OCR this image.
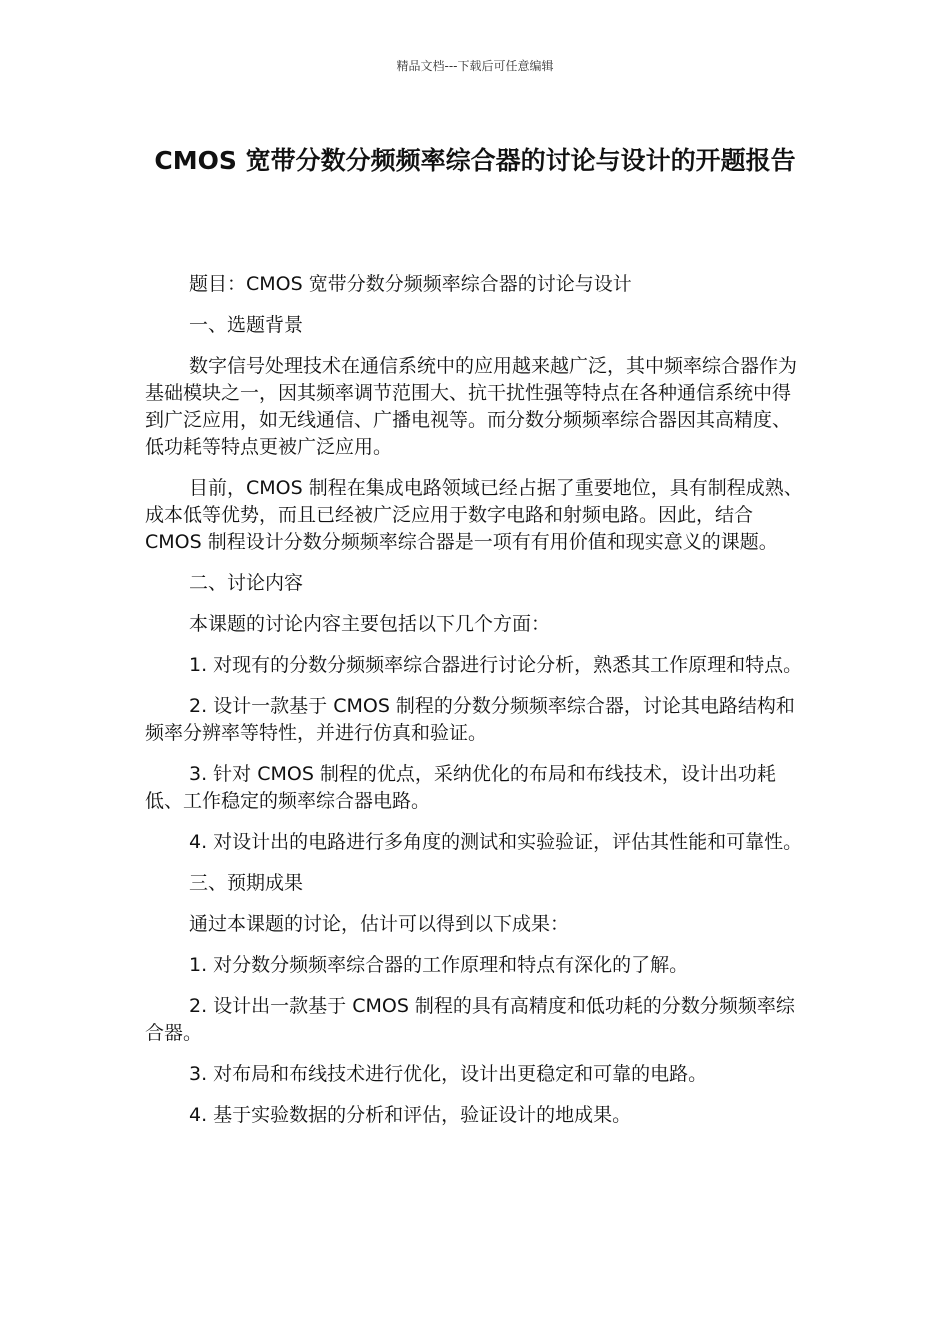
精品文档---下载后可任意编辑
CMOS 宽带分数分频频率综合器的讨论与设计的开题报告

题目：CMOS 宽带分数分频频率综合器的讨论与设计

一、选题背景

数字信号处理技术在通信系统中的应用越来越广泛，其中频率综合器作为基础模块之一，因其频率调节范围大、抗干扰性强等特点在各种通信系统中得到广泛应用，如无线通信、广播电视等。而分数分频频率综合器因其高精度、低功耗等特点更被广泛应用。

目前，CMOS 制程在集成电路领域已经占据了重要地位，具有制程成熟、成本低等优势，而且已经被广泛应用于数字电路和射频电路。因此，结合 CMOS 制程设计分数分频频率综合器是一项有有用价值和现实意义的课题。

二、讨论内容

本课题的讨论内容主要包括以下几个方面：

1. 对现有的分数分频频率综合器进行讨论分析，熟悉其工作原理和特点。

2. 设计一款基于 CMOS 制程的分数分频频率综合器，讨论其电路结构和频率分辨率等特性，并进行仿真和验证。

3. 针对 CMOS 制程的优点，采纳优化的布局和布线技术，设计出功耗低、工作稳定的频率综合器电路。

4. 对设计出的电路进行多角度的测试和实验验证，评估其性能和可靠性。

三、预期成果

通过本课题的讨论，估计可以得到以下成果：

1. 对分数分频频率综合器的工作原理和特点有深化的了解。

2. 设计出一款基于 CMOS 制程的具有高精度和低功耗的分数分频频率综合器。

3. 对布局和布线技术进行优化，设计出更稳定和可靠的电路。

4. 基于实验数据的分析和评估，验证设计的地成果。
